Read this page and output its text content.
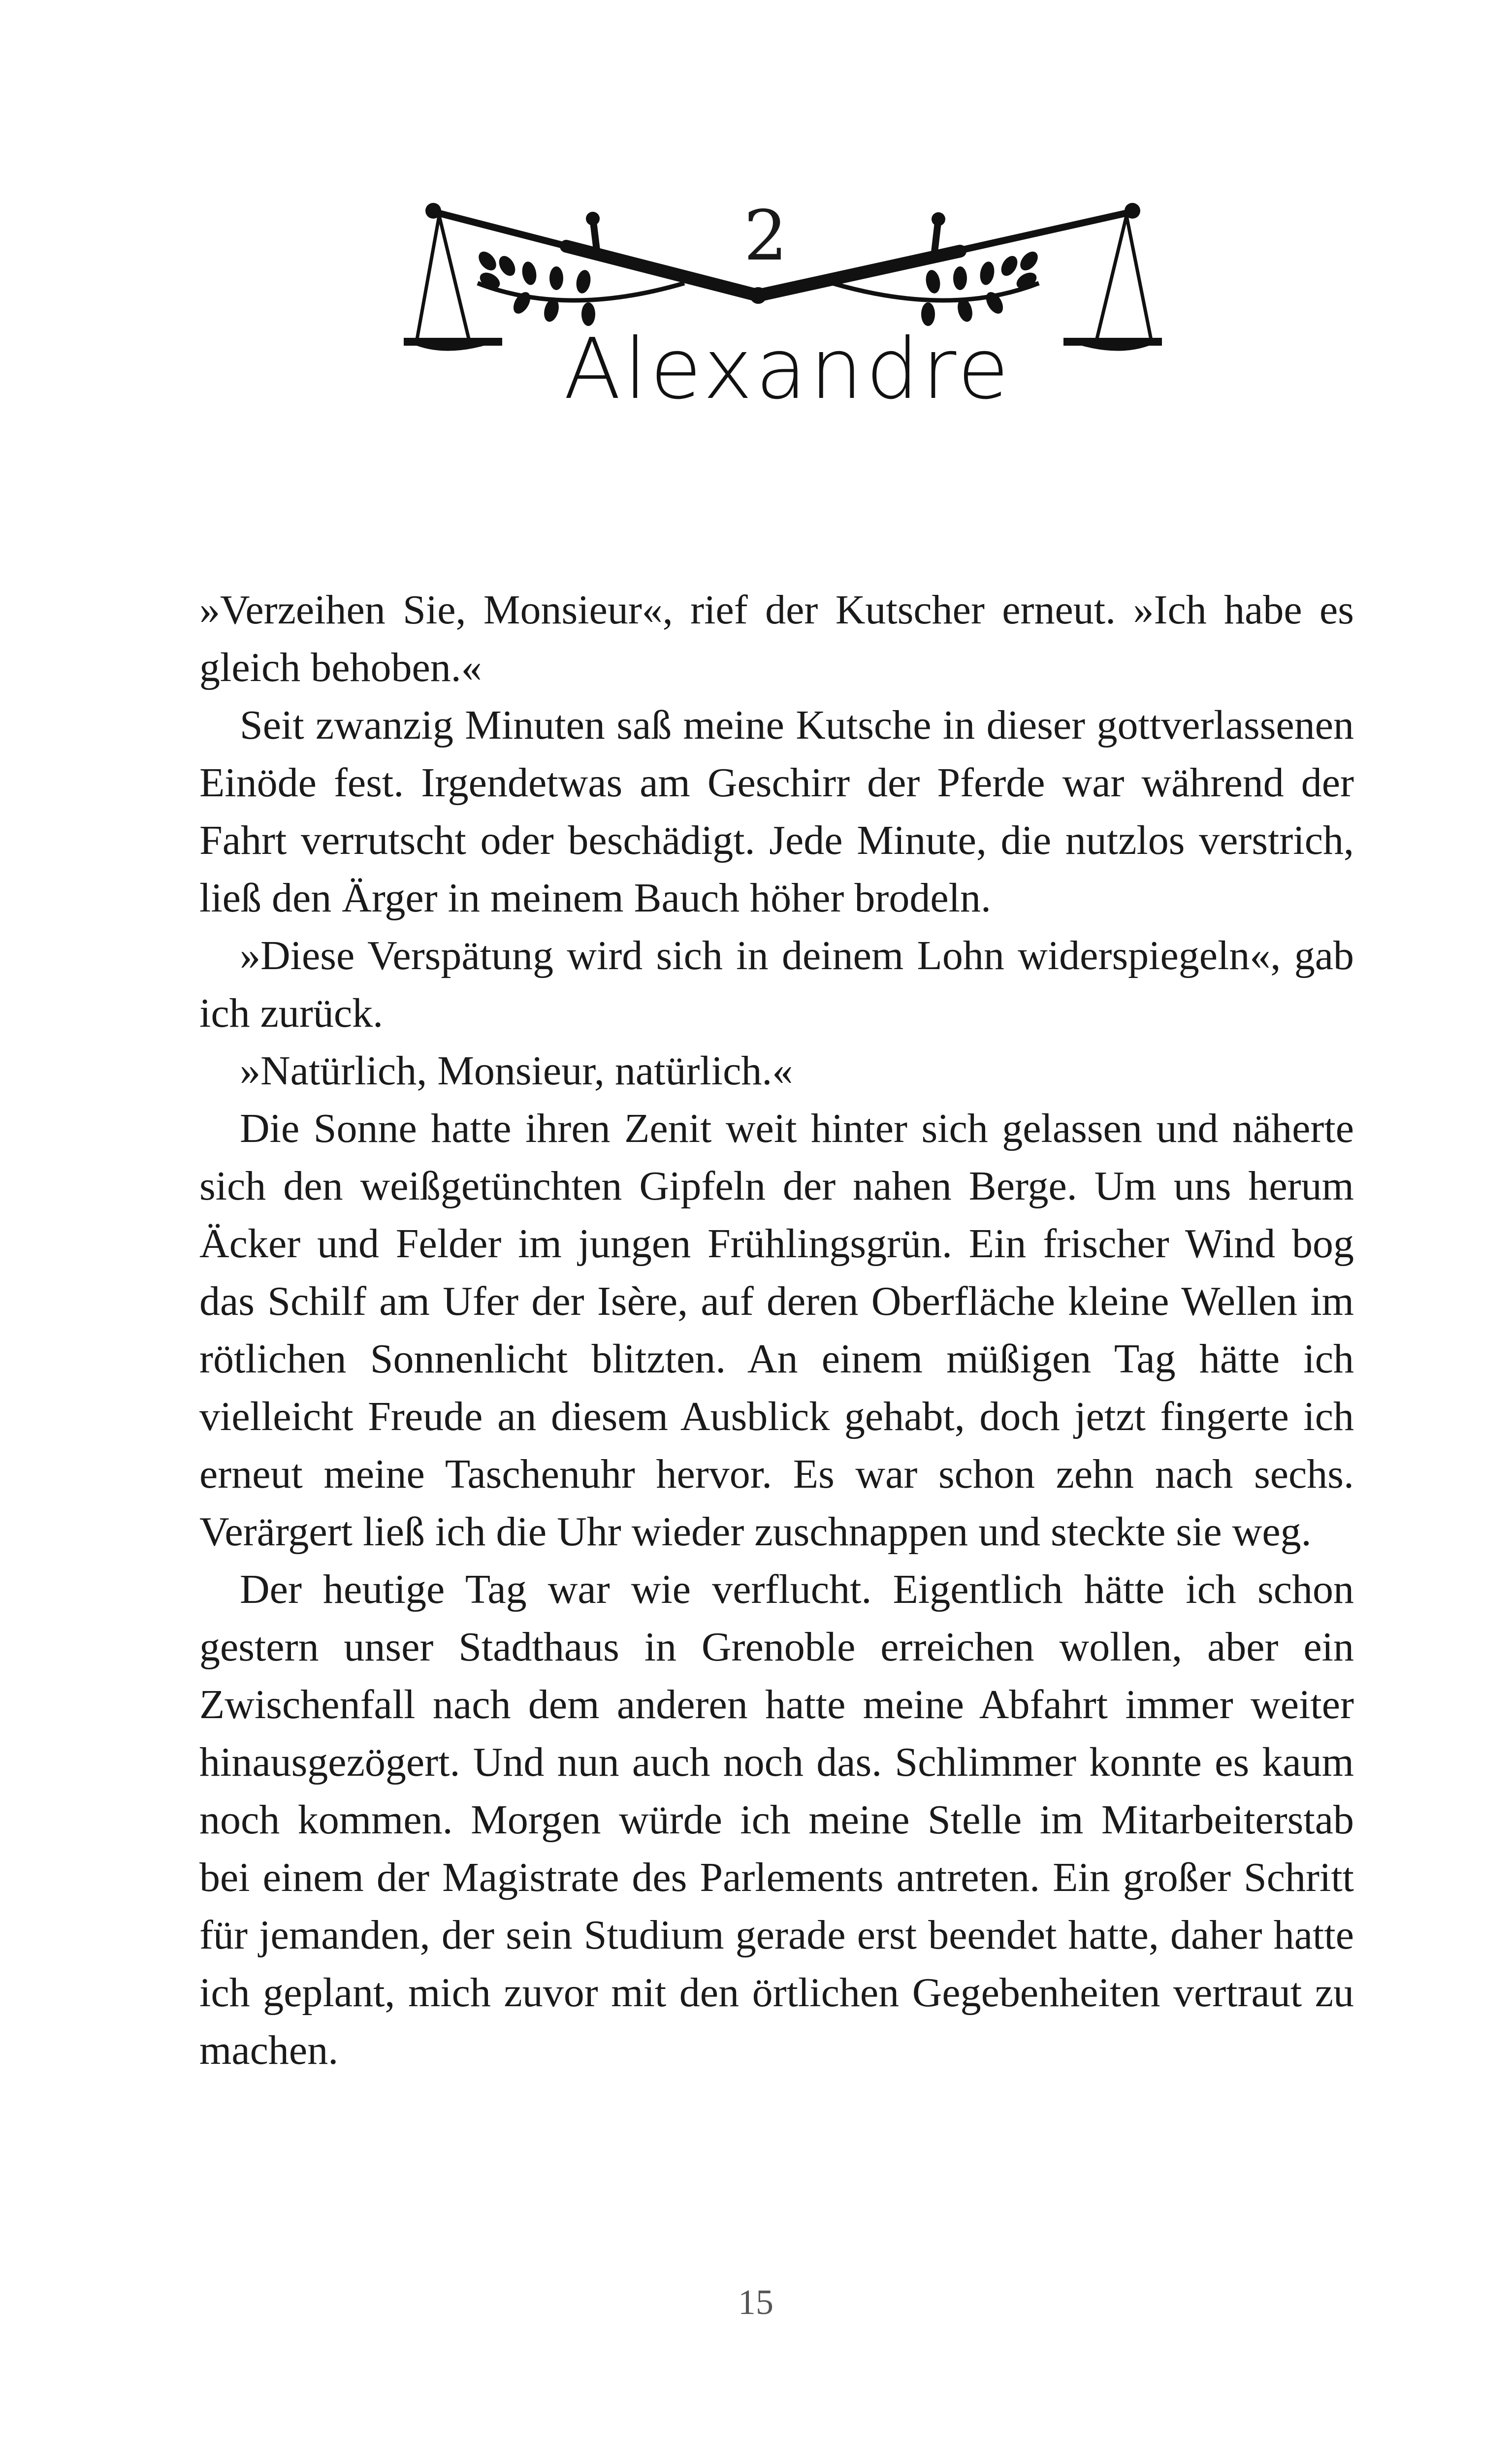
2
Alexandre

»Verzeihen Sie, Monsieur«, rief der Kutscher erneut. »Ich habe es gleich behoben.«

Seit zwanzig Minuten saß meine Kutsche in dieser gottverlassenen Einöde fest. Irgendetwas am Geschirr der Pferde war während der Fahrt verrutscht oder beschädigt. Jede Minute, die nutzlos verstrich, ließ den Ärger in meinem Bauch höher brodeln.

»Diese Verspätung wird sich in deinem Lohn widerspiegeln«, gab ich zurück.

»Natürlich, Monsieur, natürlich.«

Die Sonne hatte ihren Zenit weit hinter sich gelassen und näherte sich den weißgetünchten Gipfeln der nahen Berge. Um uns herum Äcker und Felder im jungen Frühlingsgrün. Ein frischer Wind bog das Schilf am Ufer der Isère, auf deren Oberfläche kleine Wellen im rötlichen Sonnenlicht blitzten. An einem müßigen Tag hätte ich vielleicht Freude an diesem Ausblick gehabt, doch jetzt fingerte ich erneut meine Taschenuhr hervor. Es war schon zehn nach sechs. Verärgert ließ ich die Uhr wieder zuschnappen und steckte sie weg.

Der heutige Tag war wie verflucht. Eigentlich hätte ich schon gestern unser Stadthaus in Grenoble erreichen wollen, aber ein Zwischenfall nach dem anderen hatte meine Abfahrt immer weiter hinausgezögert. Und nun auch noch das. Schlimmer konnte es kaum noch kommen. Morgen würde ich meine Stelle im Mitarbeiterstab bei einem der Magistrate des Parlements antreten. Ein großer Schritt für jemanden, der sein Studium gerade erst beendet hatte, daher hatte ich geplant, mich zuvor mit den örtlichen Gegebenheiten vertraut zu machen.

15
